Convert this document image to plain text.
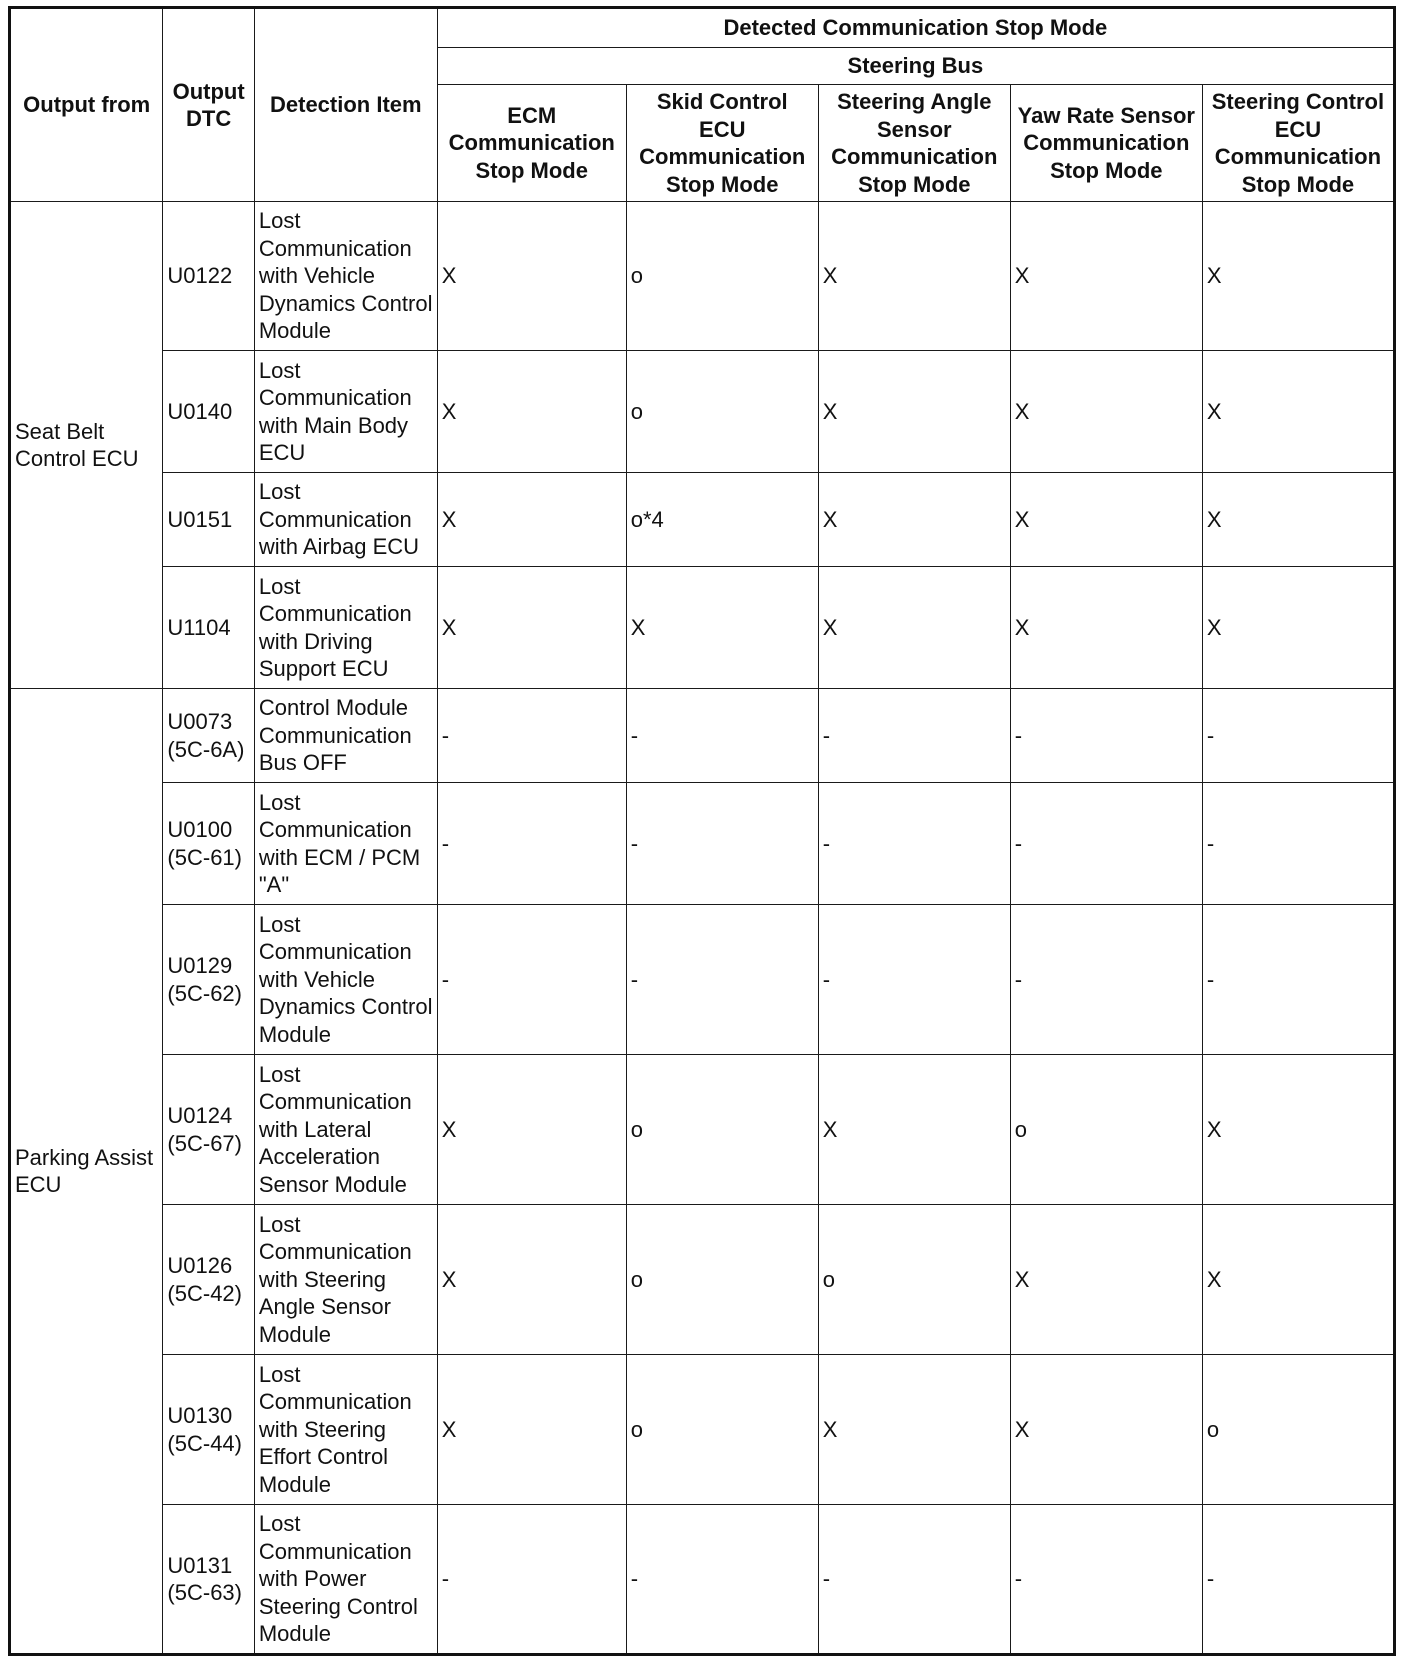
Output from	Output DTC	Detection Item	Detected Communication Stop Mode				
			Steering Bus				
			ECM Communication Stop Mode	Skid Control ECU Communication Stop Mode	Steering Angle Sensor Communication Stop Mode	Yaw Rate Sensor Communication Stop Mode	Steering Control ECU Communication Stop Mode
Seat Belt Control ECU	U0122	Lost Communication with Vehicle Dynamics Control Module	X	o	X	X	X
	U0140	Lost Communication with Main Body ECU	X	o	X	X	X
	U0151	Lost Communication with Airbag ECU	X	o*4	X	X	X
	U1104	Lost Communication with Driving Support ECU	X	X	X	X	X
Parking Assist ECU	U0073 (5C-6A)	Control Module Communication Bus OFF	-	-	-	-	-
	U0100 (5C-61)	Lost Communication with ECM / PCM "A"	-	-	-	-	-
	U0129 (5C-62)	Lost Communication with Vehicle Dynamics Control Module	-	-	-	-	-
	U0124 (5C-67)	Lost Communication with Lateral Acceleration Sensor Module	X	o	X	o	X
	U0126 (5C-42)	Lost Communication with Steering Angle Sensor Module	X	o	o	X	X
	U0130 (5C-44)	Lost Communication with Steering Effort Control Module	X	o	X	X	o
	U0131 (5C-63)	Lost Communication with Power Steering Control Module	-	-	-	-	-
